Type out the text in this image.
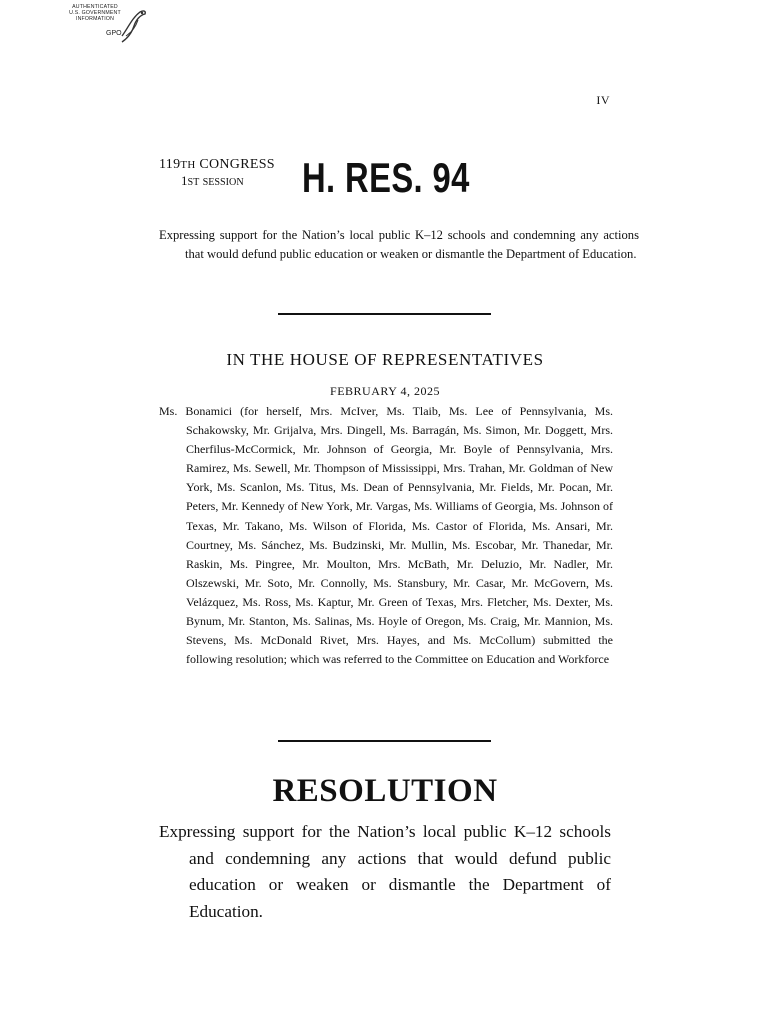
AUTHENTICATED
U.S. GOVERNMENT
INFORMATION
GPO
IV
119TH CONGRESS
1ST SESSION	H. RES. 94
Expressing support for the Nation’s local public K–12 schools and condemning any actions that would defund public education or weaken or dismantle the Department of Education.
IN THE HOUSE OF REPRESENTATIVES
FEBRUARY 4, 2025
Ms. Bonamici (for herself, Mrs. McIver, Ms. Tlaib, Ms. Lee of Pennsylvania, Ms. Schakowsky, Mr. Grijalva, Mrs. Dingell, Ms. Barragán, Ms. Simon, Mr. Doggett, Mrs. Cherfilus-McCormick, Mr. Johnson of Georgia, Mr. Boyle of Pennsylvania, Mrs. Ramirez, Ms. Sewell, Mr. Thompson of Mississippi, Mrs. Trahan, Mr. Goldman of New York, Ms. Scanlon, Ms. Titus, Ms. Dean of Pennsylvania, Mr. Fields, Mr. Pocan, Mr. Peters, Mr. Kennedy of New York, Mr. Vargas, Ms. Williams of Georgia, Ms. Johnson of Texas, Mr. Takano, Ms. Wilson of Florida, Ms. Castor of Florida, Ms. Ansari, Mr. Courtney, Ms. Sánchez, Ms. Budzinski, Mr. Mullin, Ms. Escobar, Mr. Thanedar, Mr. Raskin, Ms. Pingree, Mr. Moulton, Mrs. McBath, Mr. Deluzio, Mr. Nadler, Mr. Olszewski, Mr. Soto, Mr. Connolly, Ms. Stansbury, Mr. Casar, Mr. McGovern, Ms. Velázquez, Ms. Ross, Ms. Kaptur, Mr. Green of Texas, Mrs. Fletcher, Ms. Dexter, Ms. Bynum, Mr. Stanton, Ms. Salinas, Ms. Hoyle of Oregon, Ms. Craig, Mr. Mannion, Ms. Stevens, Ms. McDonald Rivet, Mrs. Hayes, and Ms. McCollum) submitted the following resolution; which was referred to the Committee on Education and Workforce
RESOLUTION
Expressing support for the Nation’s local public K–12 schools and condemning any actions that would defund public education or weaken or dismantle the Department of Education.
